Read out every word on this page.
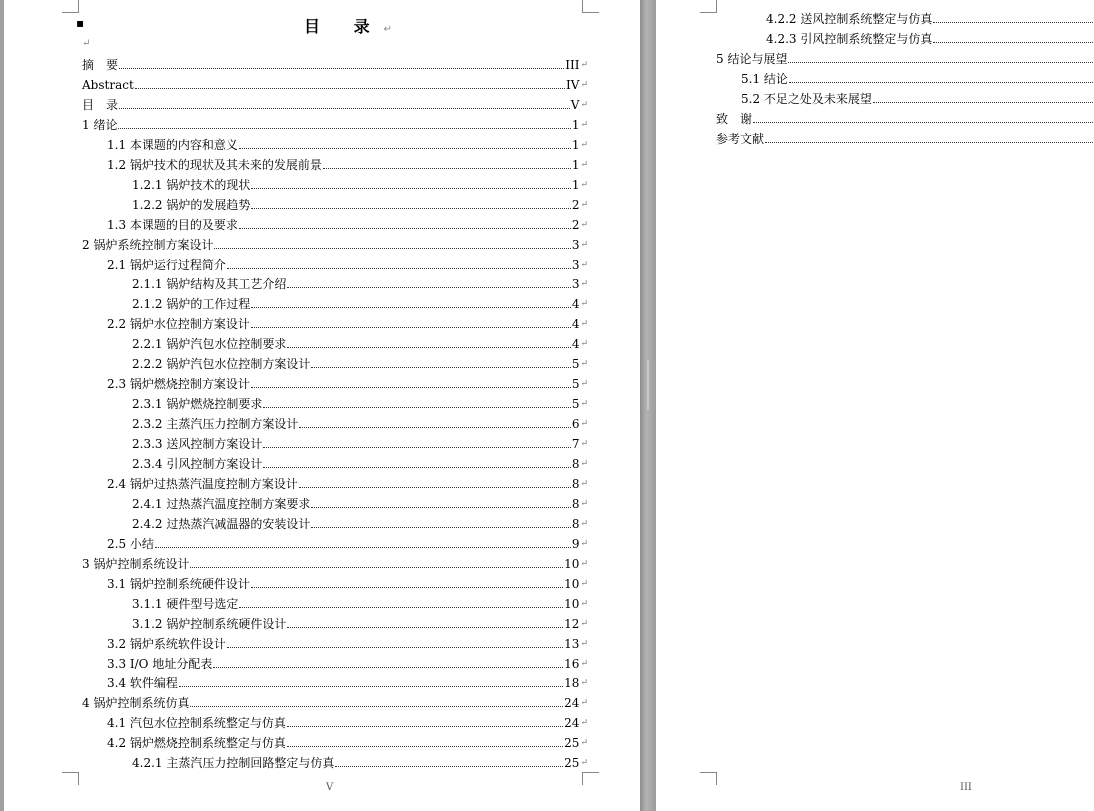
▪	目 录↵
↵
摘　要	III ↵
Abstract	IV ↵
目　录	V ↵
1 绪论	1 ↵
1.1 本课题的内容和意义	1 ↵
1.2 锅炉技术的现状及其未来的发展前景	1 ↵
1.2.1 锅炉技术的现状	1 ↵
1.2.2 锅炉的发展趋势	2 ↵
1.3 本课题的目的及要求	2 ↵
2 锅炉系统控制方案设计	3 ↵
2.1 锅炉运行过程简介	3 ↵
2.1.1 锅炉结构及其工艺介绍	3 ↵
2.1.2 锅炉的工作过程	4 ↵
2.2 锅炉水位控制方案设计	4 ↵
2.2.1 锅炉汽包水位控制要求	4 ↵
2.2.2 锅炉汽包水位控制方案设计	5 ↵
2.3 锅炉燃烧控制方案设计	5 ↵
2.3.1 锅炉燃烧控制要求	5 ↵
2.3.2 主蒸汽压力控制方案设计	6 ↵
2.3.3 送风控制方案设计	7 ↵
2.3.4 引风控制方案设计	8 ↵
2.4 锅炉过热蒸汽温度控制方案设计	8 ↵
2.4.1 过热蒸汽温度控制方案要求	8 ↵
2.4.2 过热蒸汽减温器的安装设计	8 ↵
2.5 小结	9 ↵
3 锅炉控制系统设计	10 ↵
3.1 锅炉控制系统硬件设计	10 ↵
3.1.1 硬件型号选定	10 ↵
3.1.2 锅炉控制系统硬件设计	12 ↵
3.2 锅炉系统软件设计	13 ↵
3.3 I/O 地址分配表	16 ↵
3.4 软件编程	18 ↵
4 锅炉控制系统仿真	24 ↵
4.1 汽包水位控制系统整定与仿真	24 ↵
4.2 锅炉燃烧控制系统整定与仿真	25 ↵
4.2.1 主蒸汽压力控制回路整定与仿真	25 ↵
V
4.2.2 送风控制系统整定与仿真
4.2.3 引风控制系统整定与仿真
5 结论与展望
5.1 结论
5.2 不足之处及未来展望
致　谢
参考文献
III
